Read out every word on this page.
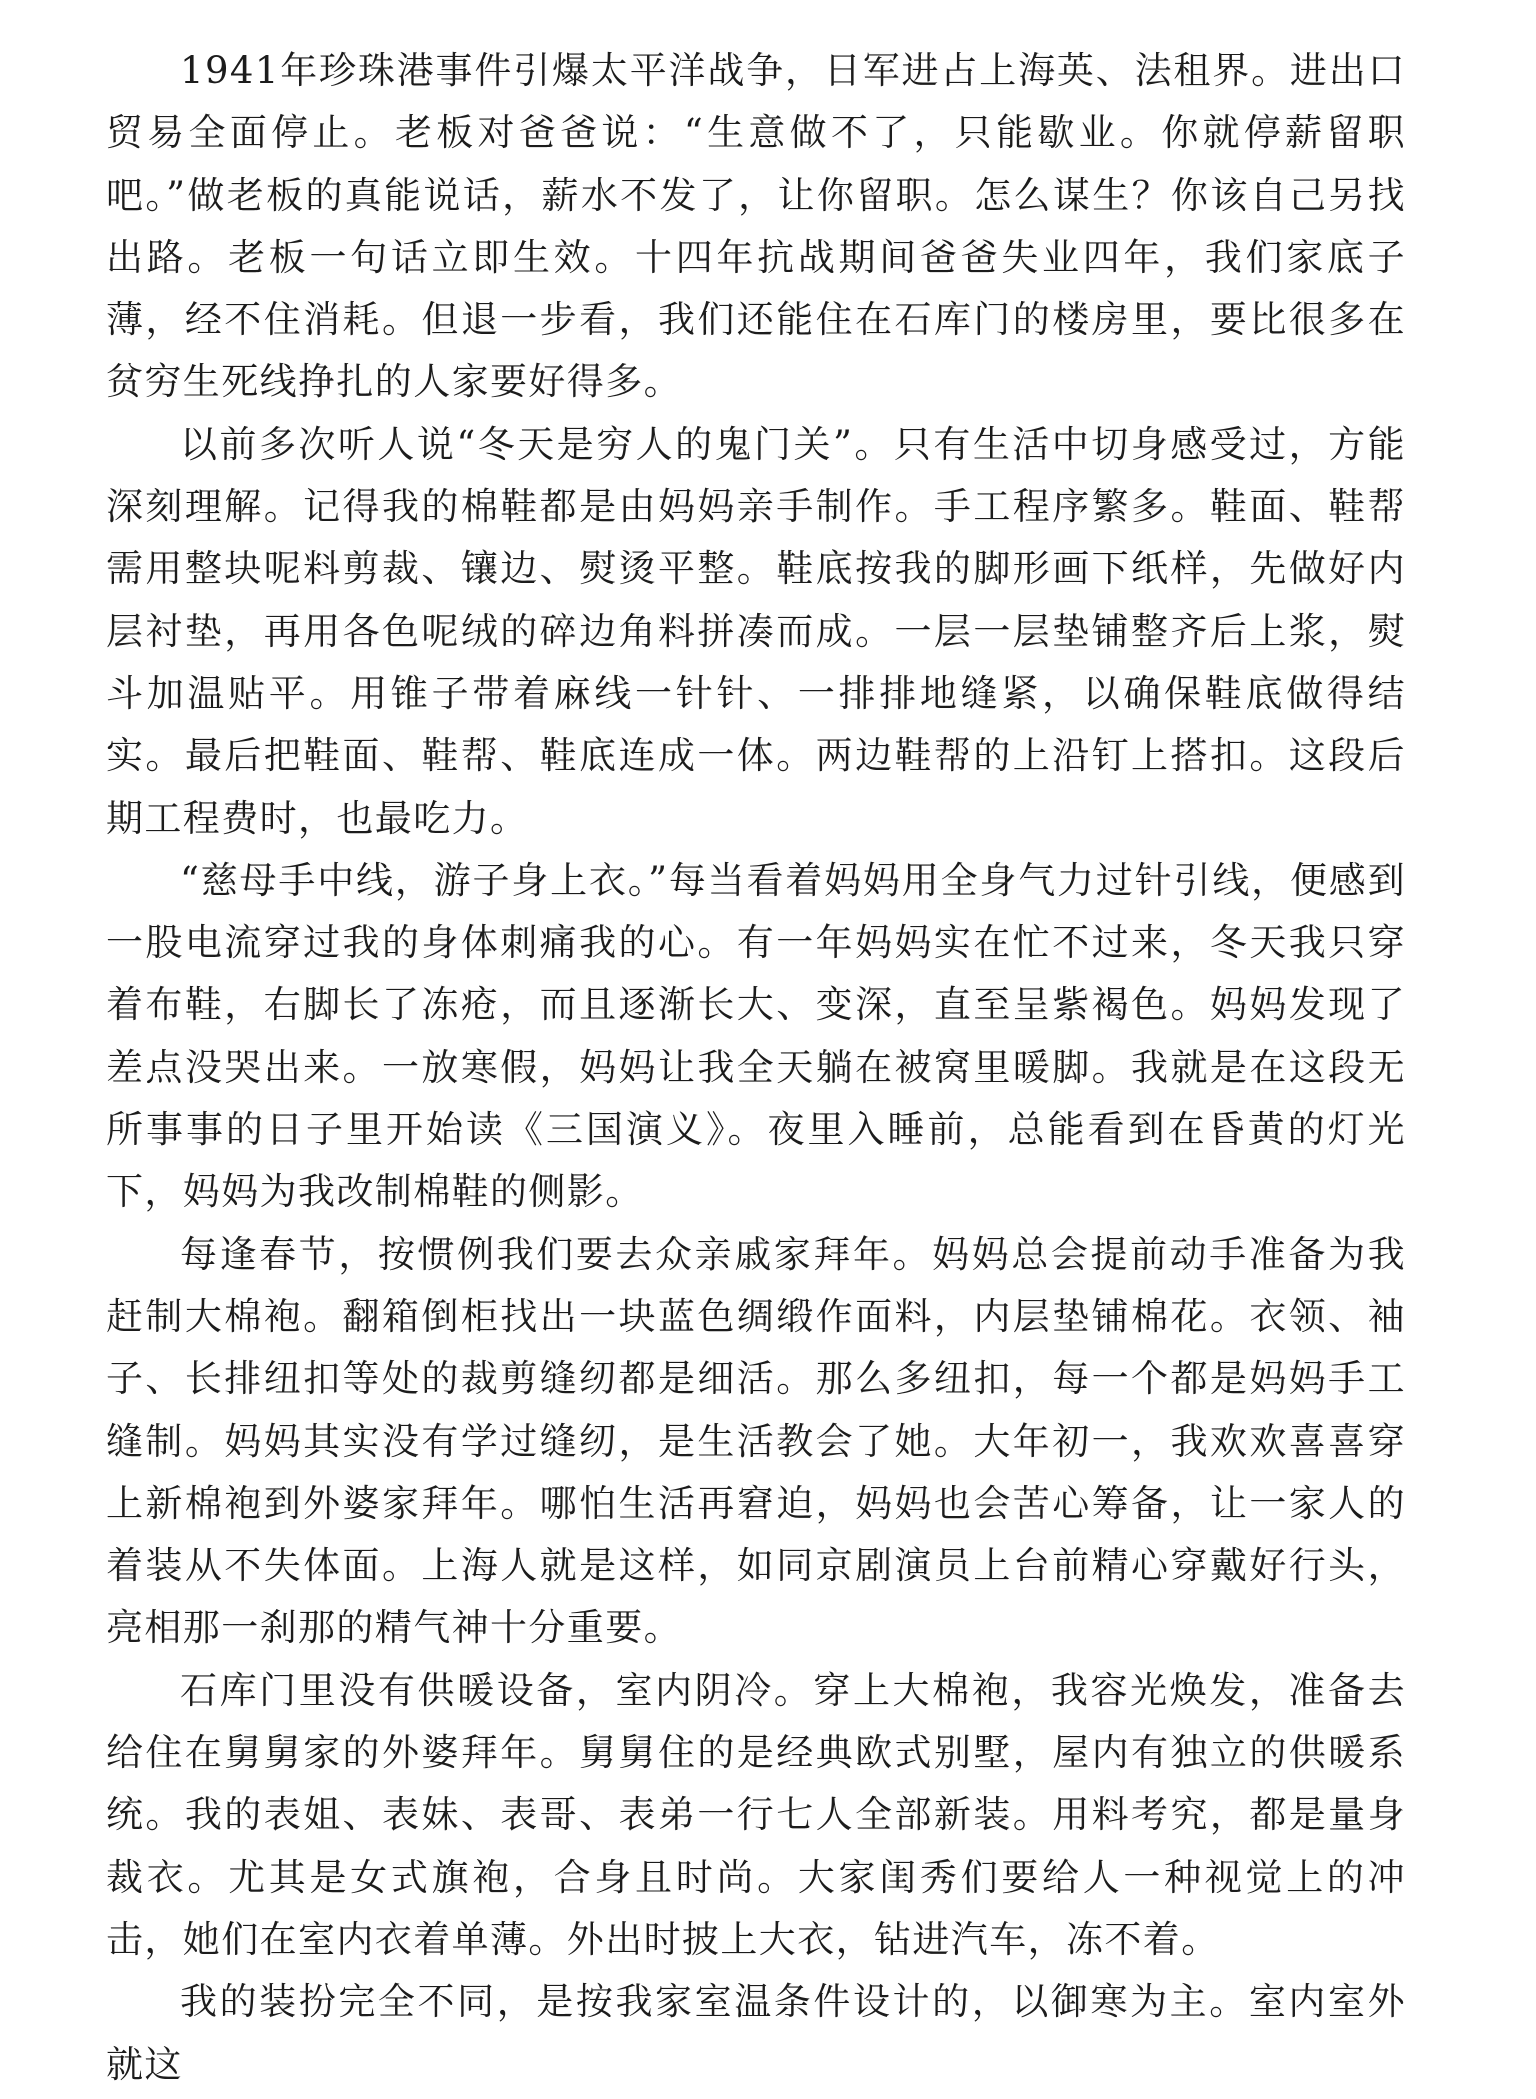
1941年珍珠港事件引爆太平洋战争，日军进占上海英、法租界。进出口贸易全面停止。老板对爸爸说：“生意做不了，只能歇业。你就停薪留职吧。”做老板的真能说话，薪水不发了，让你留职。怎么谋生？你该自己另找出路。老板一句话立即生效。十四年抗战期间爸爸失业四年，我们家底子薄，经不住消耗。但退一步看，我们还能住在石库门的楼房里，要比很多在贫穷生死线挣扎的人家要好得多。

以前多次听人说“冬天是穷人的鬼门关”。只有生活中切身感受过，方能深刻理解。记得我的棉鞋都是由妈妈亲手制作。手工程序繁多。鞋面、鞋帮需用整块呢料剪裁、镶边、熨烫平整。鞋底按我的脚形画下纸样，先做好内层衬垫，再用各色呢绒的碎边角料拼凑而成。一层一层垫铺整齐后上浆，熨斗加温贴平。用锥子带着麻线一针针、一排排地缝紧，以确保鞋底做得结实。最后把鞋面、鞋帮、鞋底连成一体。两边鞋帮的上沿钉上搭扣。这段后期工程费时，也最吃力。

“慈母手中线，游子身上衣。”每当看着妈妈用全身气力过针引线，便感到一股电流穿过我的身体刺痛我的心。有一年妈妈实在忙不过来，冬天我只穿着布鞋，右脚长了冻疮，而且逐渐长大、变深，直至呈紫褐色。妈妈发现了差点没哭出来。一放寒假，妈妈让我全天躺在被窝里暖脚。我就是在这段无所事事的日子里开始读《三国演义》。夜里入睡前，总能看到在昏黄的灯光下，妈妈为我改制棉鞋的侧影。

每逢春节，按惯例我们要去众亲戚家拜年。妈妈总会提前动手准备为我赶制大棉袍。翻箱倒柜找出一块蓝色绸缎作面料，内层垫铺棉花。衣领、袖子、长排纽扣等处的裁剪缝纫都是细活。那么多纽扣，每一个都是妈妈手工缝制。妈妈其实没有学过缝纫，是生活教会了她。大年初一，我欢欢喜喜穿上新棉袍到外婆家拜年。哪怕生活再窘迫，妈妈也会苦心筹备，让一家人的着装从不失体面。上海人就是这样，如同京剧演员上台前精心穿戴好行头，亮相那一刹那的精气神十分重要。

石库门里没有供暖设备，室内阴冷。穿上大棉袍，我容光焕发，准备去给住在舅舅家的外婆拜年。舅舅住的是经典欧式别墅，屋内有独立的供暖系统。我的表姐、表妹、表哥、表弟一行七人全部新装。用料考究，都是量身裁衣。尤其是女式旗袍，合身且时尚。大家闺秀们要给人一种视觉上的冲击，她们在室内衣着单薄。外出时披上大衣，钻进汽车，冻不着。

我的装扮完全不同，是按我家室温条件设计的，以御寒为主。室内室外就这
